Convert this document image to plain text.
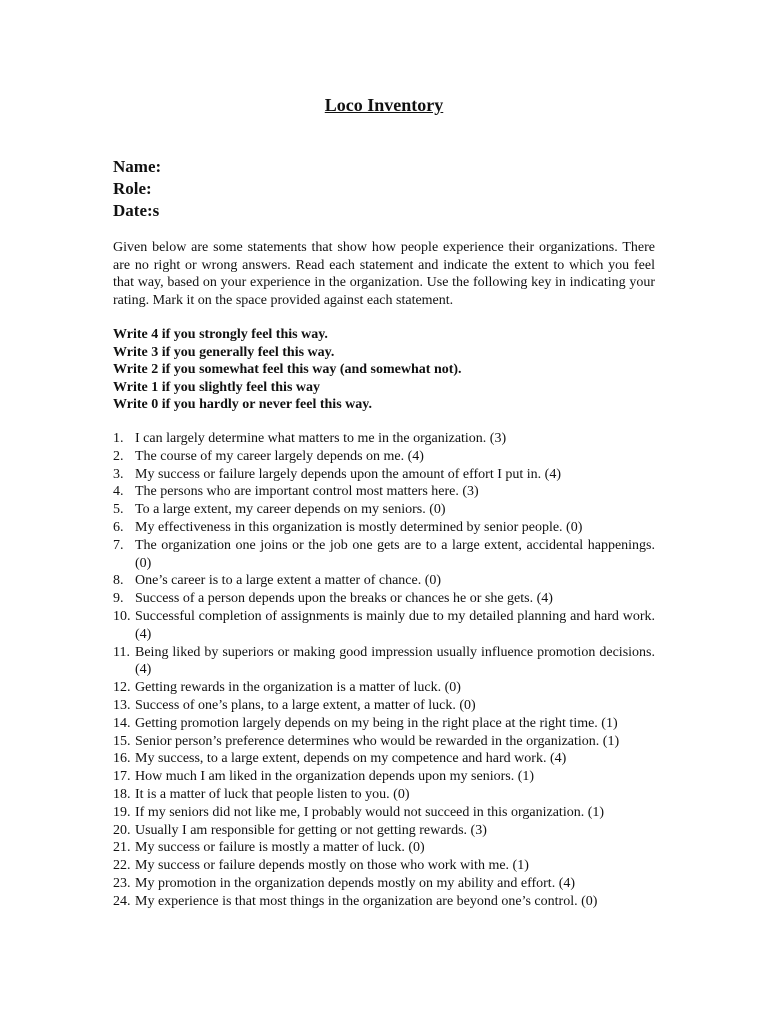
Loco Inventory
Name:
Role:
Date:s

Given below are some statements that show how people experience their organizations. There are no right or wrong answers. Read each statement and indicate the extent to which you feel that way, based on your experience in the organization. Use the following key in indicating your rating. Mark it on the space provided against each statement.

Write 4 if you strongly feel this way.
Write 3 if you generally feel this way.
Write 2 if you somewhat feel this way (and somewhat not).
Write 1 if you slightly feel this way
Write 0 if you hardly or never feel this way.
1. I can largely determine what matters to me in the organization. (3)
2. The course of my career largely depends on me. (4)
3. My success or failure largely depends upon the amount of effort I put in. (4)
4. The persons who are important control most matters here. (3)
5. To a large extent, my career depends on my seniors. (0)
6. My effectiveness in this organization is mostly determined by senior people. (0)
7. The organization one joins or the job one gets are to a large extent, accidental happenings. (0)
8. One’s career is to a large extent a matter of chance. (0)
9. Success of a person depends upon the breaks or chances he or she gets. (4)
10. Successful completion of assignments is mainly due to my detailed planning and hard work. (4)
11. Being liked by superiors or making good impression usually influence promotion decisions. (4)
12. Getting rewards in the organization is a matter of luck. (0)
13. Success of one’s plans, to a large extent, a matter of luck. (0)
14. Getting promotion largely depends on my being in the right place at the right time. (1)
15. Senior person’s preference determines who would be rewarded in the organization. (1)
16. My success, to a large extent, depends on my competence and hard work. (4)
17. How much I am liked in the organization depends upon my seniors. (1)
18. It is a matter of luck that people listen to you. (0)
19. If my seniors did not like me, I probably would not succeed in this organization. (1)
20. Usually I am responsible for getting or not getting rewards. (3)
21. My success or failure is mostly a matter of luck. (0)
22. My success or failure depends mostly on those who work with me. (1)
23. My promotion in the organization depends mostly on my ability and effort. (4)
24. My experience is that most things in the organization are beyond one’s control. (0)
